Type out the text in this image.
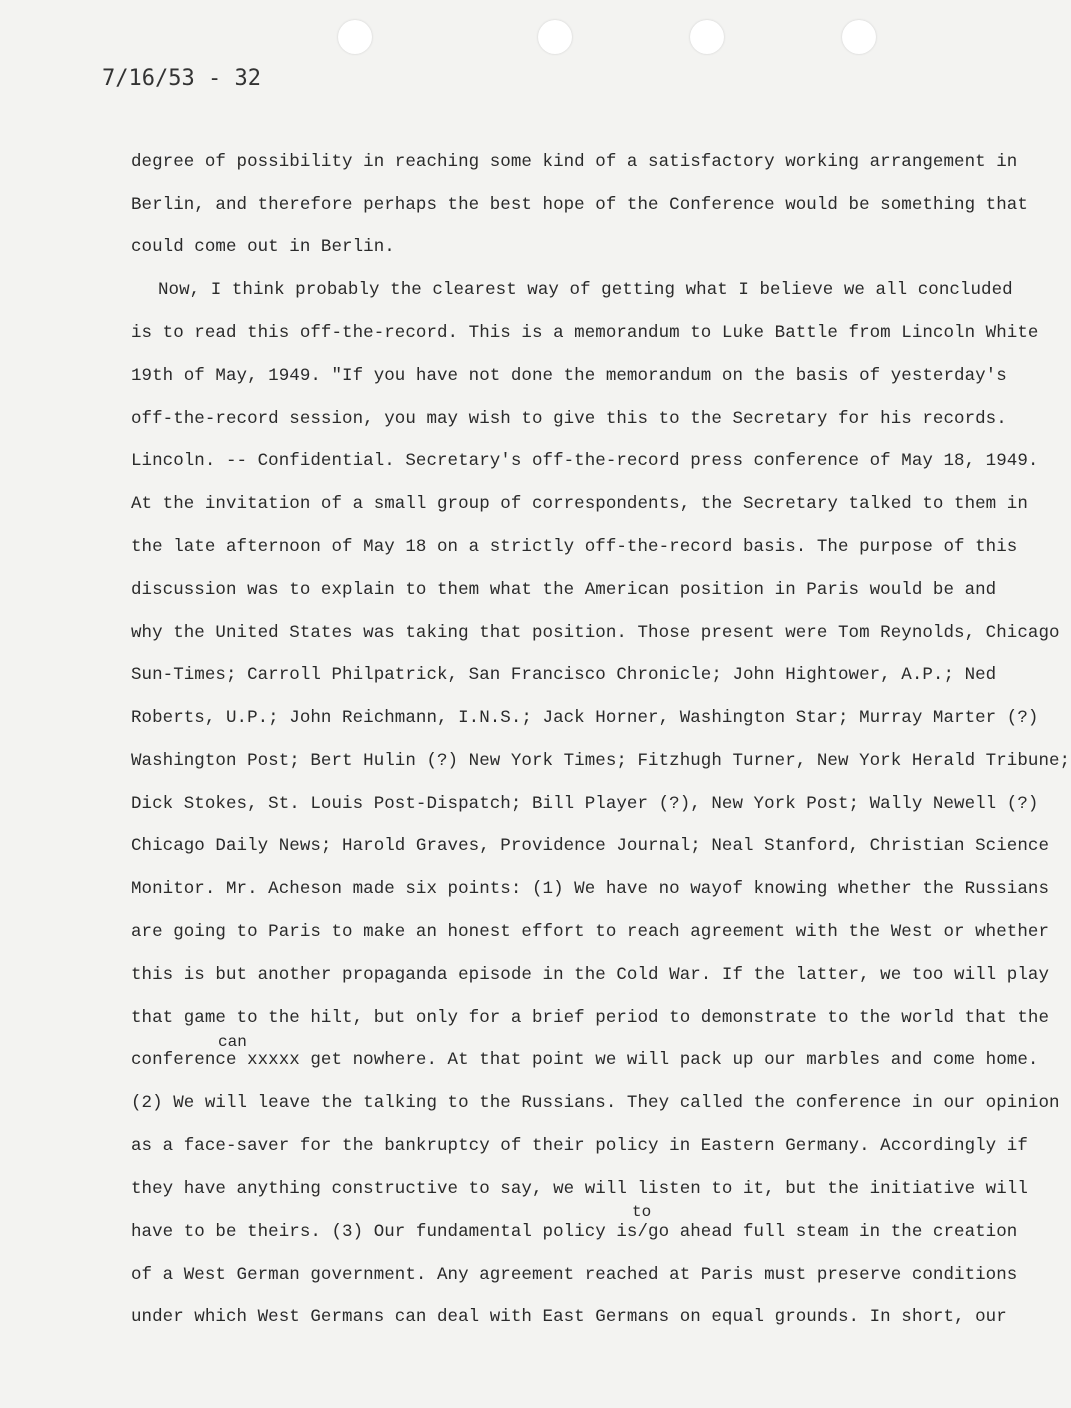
7/16/53 - 32
degree of possibility in reaching some kind of a satisfactory working arrangement in
Berlin, and therefore perhaps the best hope of the Conference would be something that
could come out in Berlin.
Now, I think probably the clearest way of getting what I believe we all concluded
is to read this off-the-record. This is a memorandum to Luke Battle from Lincoln White
19th of May, 1949. "If you have not done the memorandum on the basis of yesterday's
off-the-record session, you may wish to give this to the Secretary for his records.
Lincoln. -- Confidential. Secretary's off-the-record press conference of May 18, 1949.
At the invitation of a small group of correspondents, the Secretary talked to them in
the late afternoon of May 18 on a strictly off-the-record basis. The purpose of this
discussion was to explain to them what the American position in Paris would be and
why the United States was taking that position. Those present were Tom Reynolds, Chicago
Sun-Times; Carroll Philpatrick, San Francisco Chronicle; John Hightower, A.P.; Ned
Roberts, U.P.; John Reichmann, I.N.S.; Jack Horner, Washington Star; Murray Marter (?)
Washington Post; Bert Hulin (?) New York Times; Fitzhugh Turner, New York Herald Tribune;
Dick Stokes, St. Louis Post-Dispatch; Bill Player (?), New York Post; Wally Newell (?)
Chicago Daily News; Harold Graves, Providence Journal; Neal Stanford, Christian Science
Monitor. Mr. Acheson made six points: (1) We have no wayof knowing whether the Russians
are going to Paris to make an honest effort to reach agreement with the West or whether
this is but another propaganda episode in the Cold War. If the latter, we too will play
that game to the hilt, but only for a brief period to demonstrate to the world that the
can
conference xxxxx get nowhere. At that point we will pack up our marbles and come home.
(2) We will leave the talking to the Russians. They called the conference in our opinion
as a face-saver for the bankruptcy of their policy in Eastern Germany. Accordingly if
they have anything constructive to say, we will listen to it, but the initiative will
to
have to be theirs. (3) Our fundamental policy is/go ahead full steam in the creation
of a West German government. Any agreement reached at Paris must preserve conditions
under which West Germans can deal with East Germans on equal grounds. In short, our
